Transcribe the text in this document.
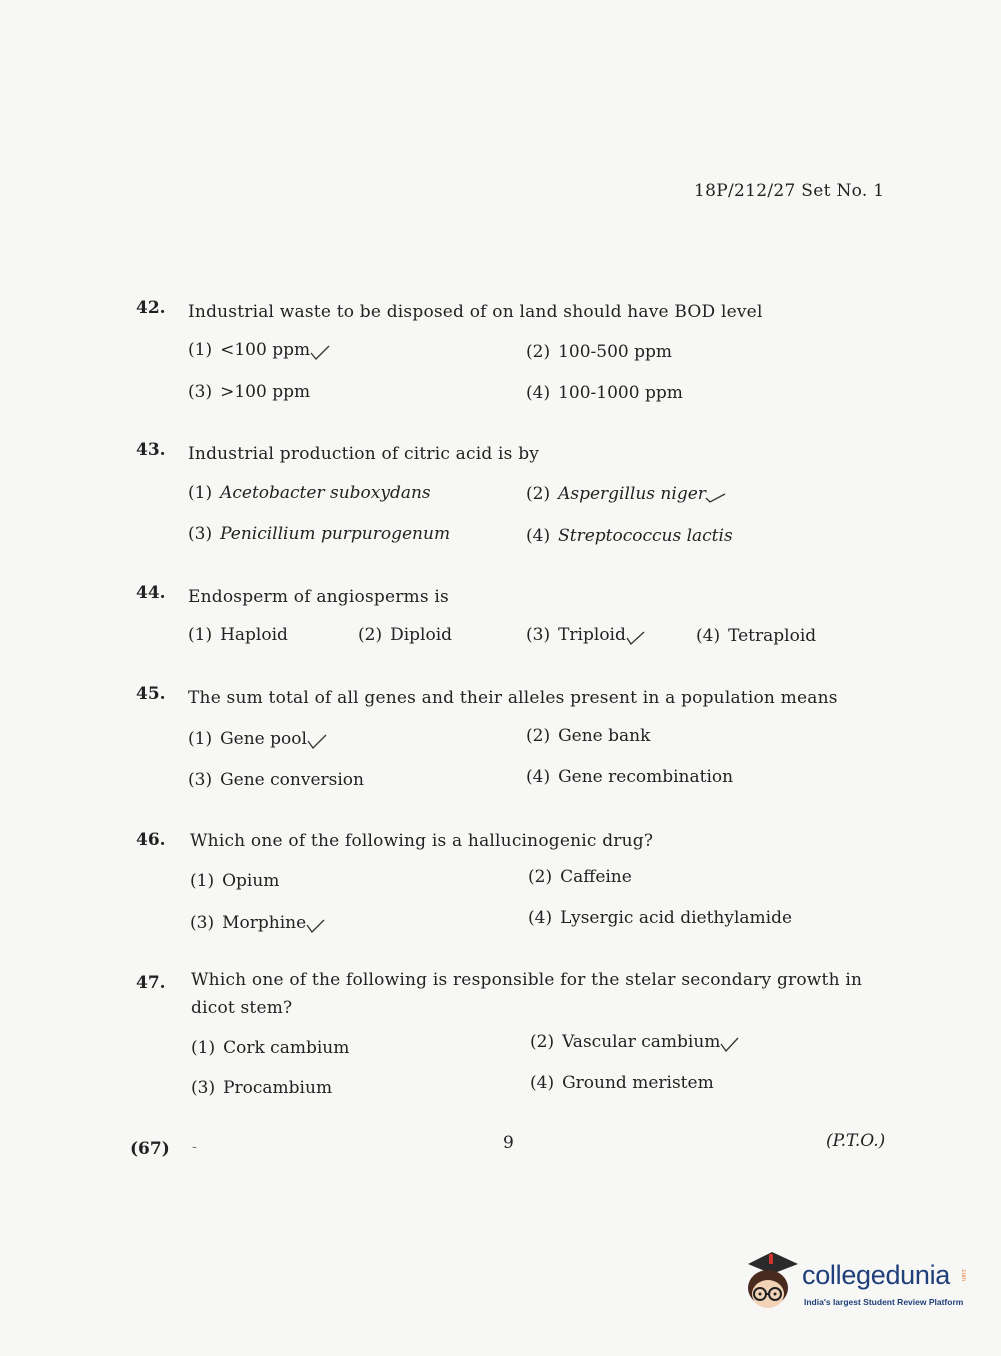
18P/212/27 Set No. 1
42. Industrial waste to be disposed of on land should have BOD level
(1) <100 ppm	(2) 100-500 ppm
(3) >100 ppm	(4) 100-1000 ppm
43. Industrial production of citric acid is by
(1) Acetobacter suboxydans	(2) Aspergillus niger
(3) Penicillium purpurogenum	(4) Streptococcus lactis
44. Endosperm of angiosperms is
(1) Haploid	(2) Diploid	(3) Triploid	(4) Tetraploid
45. The sum total of all genes and their alleles present in a population means
(1) Gene pool	(2) Gene bank
(3) Gene conversion	(4) Gene recombination
46. Which one of the following is a hallucinogenic drug?
(1) Opium	(2) Caffeine
(3) Morphine	(4) Lysergic acid diethylamide
47. Which one of the following is responsible for the stelar secondary growth in dicot stem?
(1) Cork cambium	(2) Vascular cambium
(3) Procambium	(4) Ground meristem
(67) -	9	(P.T.O.)
collegedunia .com
India's largest Student Review Platform
